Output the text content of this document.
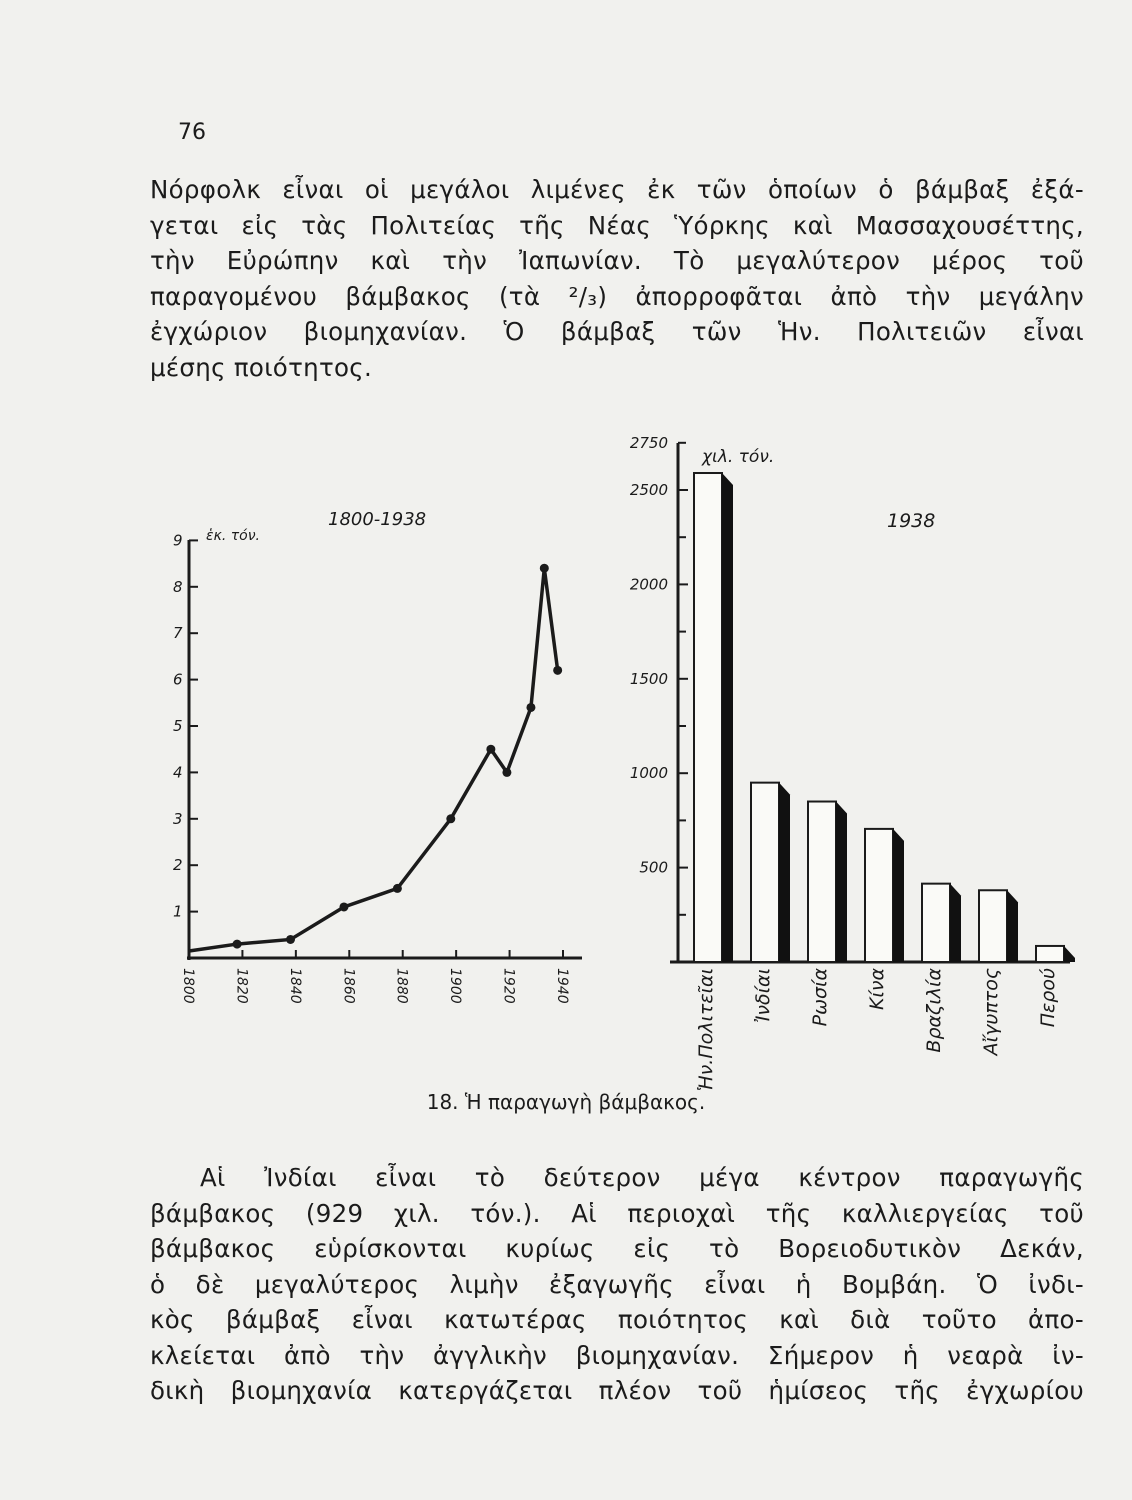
76
Νόρφολκ εἶναι οἱ μεγάλοι λιμένες ἐκ τῶν ὁποίων ὁ βάμβαξ ἐξά-
γεται εἰς τὰς Πολιτείας τῆς Νέας Ὑόρκης καὶ Μασσαχουσέττης,
τὴν Εὐρώπην καὶ τὴν Ἰαπωνίαν. Τὸ μεγαλύτερον μέρος τοῦ
παραγομένου βάμβακος (τὰ ²/₃) ἀπορροφᾶται ἀπὸ τὴν μεγάλην
ἐγχώριον βιομηχανίαν. Ὁ βάμβαξ τῶν Ἡν. Πολιτειῶν εἶναι
μέσης ποιότητος.
1800-1938
ἑκ. τόν.
1
2
3
4
5
6
7
8
9
1800	1820	1840	1860	1880	1900	1920	1940
1938
χιλ. τόν.
500
1000
1500
2000
2500
2750
Ἡν.Πολιτεῖαι Ἰνδίαι Ρωσία Κίνα Βραζιλία Αἴγυπτος Περού
18. Ἡ παραγωγὴ βάμβακος.
Αἱ Ἰνδίαι εἶναι τὸ δεύτερον μέγα κέντρον παραγωγῆς
βάμβακος (929 χιλ. τόν.). Αἱ περιοχαὶ τῆς καλλιεργείας τοῦ
βάμβακος εὑρίσκονται κυρίως εἰς τὸ Βορειοδυτικὸν Δεκάν,
ὁ δὲ μεγαλύτερος λιμὴν ἐξαγωγῆς εἶναι ἡ Βομβάη. Ὁ ἰνδι-
κὸς βάμβαξ εἶναι κατωτέρας ποιότητος καὶ διὰ τοῦτο ἀπο-
κλείεται ἀπὸ τὴν ἀγγλικὴν βιομηχανίαν. Σήμερον ἡ νεαρὰ ἰν-
δικὴ βιομηχανία κατεργάζεται πλέον τοῦ ἡμίσεος τῆς ἐγχωρίου
